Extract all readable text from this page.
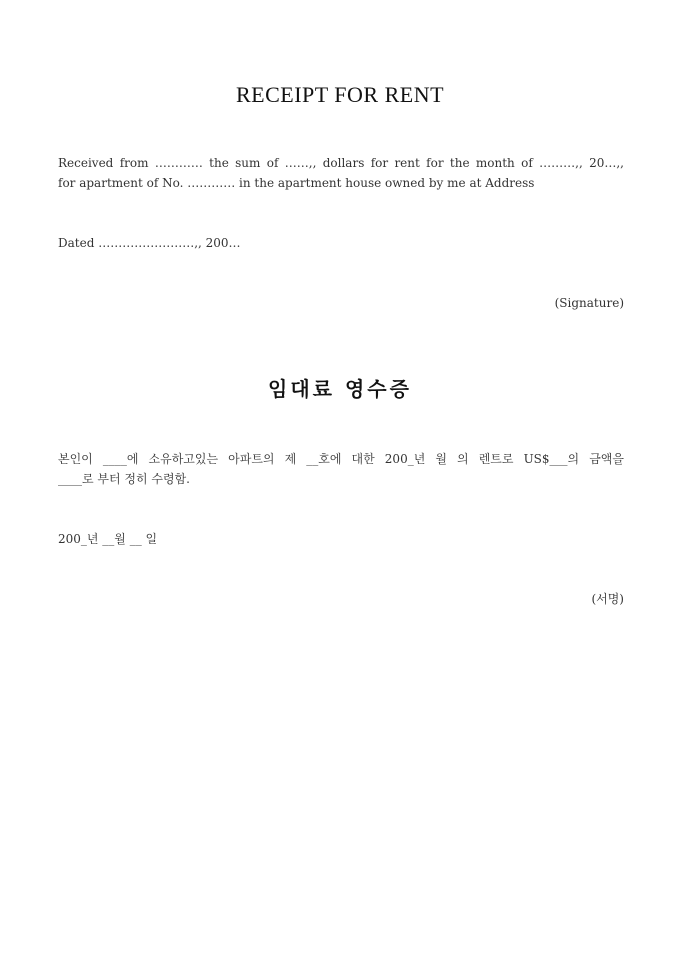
RECEIPT FOR RENT
Received from ………… the sum of ……,, dollars for rent for the month of ………,, 20…,,
for apartment of No. ………… in the apartment house owned by me at Address
Dated ……………………,, 200…
(Signature)
임대료 영수증
본인이 ____에 소유하고있는 아파트의 제 __호에 대한 200_년 월 의 렌트로 US$___의 금액을
____로 부터 정히 수령함.
200_년 __월 __ 일
(서명)
